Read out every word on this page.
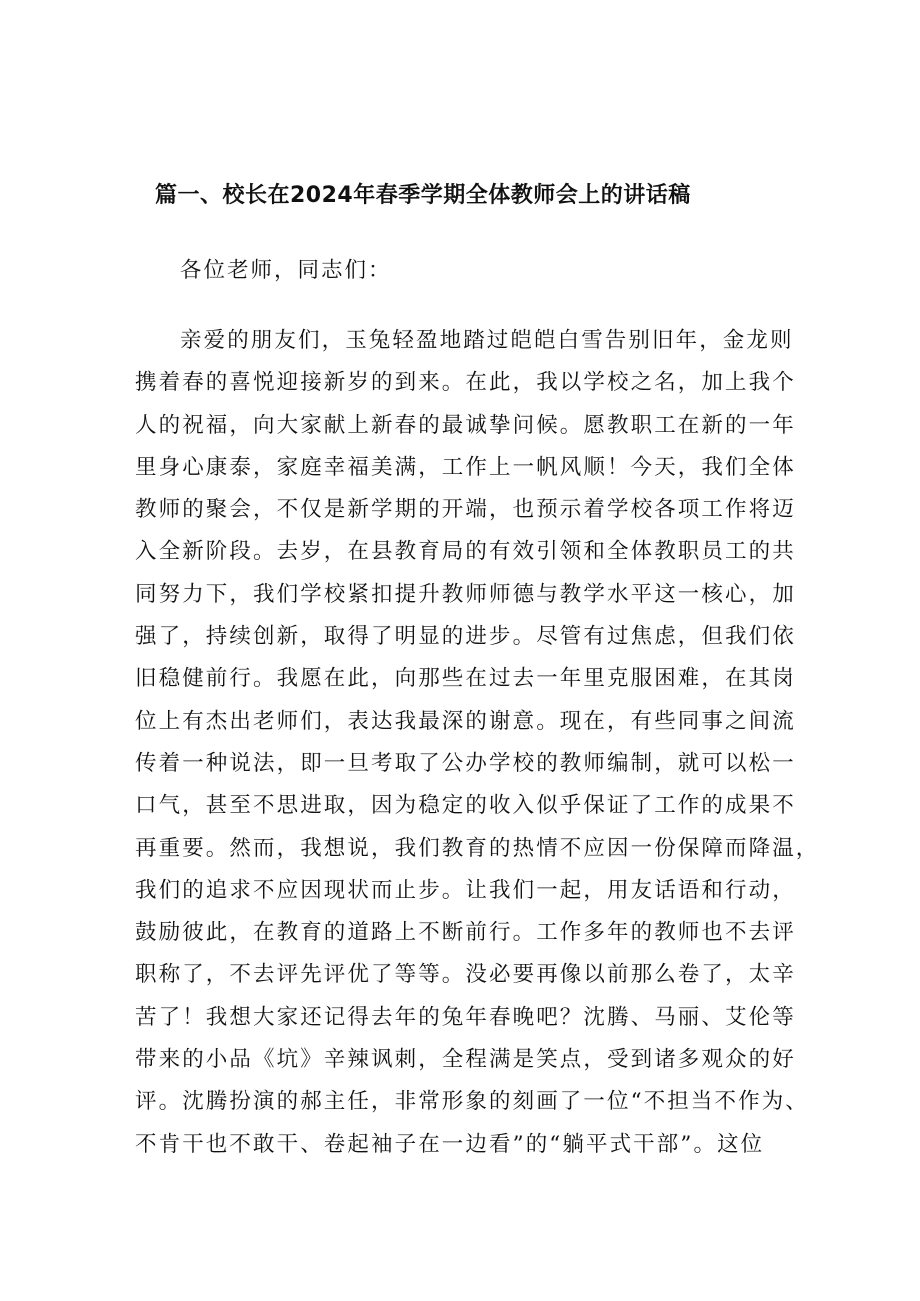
篇一、校长在2024年春季学期全体教师会上的讲话稿
各位老师，同志们：
亲爱的朋友们，玉兔轻盈地踏过皑皑白雪告别旧年，金龙则
携着春的喜悦迎接新岁的到来。在此，我以学校之名，加上我个
人的祝福，向大家献上新春的最诚挚问候。愿教职工在新的一年
里身心康泰，家庭幸福美满，工作上一帆风顺！今天，我们全体
教师的聚会，不仅是新学期的开端，也预示着学校各项工作将迈
入全新阶段。去岁，在县教育局的有效引领和全体教职员工的共
同努力下，我们学校紧扣提升教师师德与教学水平这一核心，加
强了，持续创新，取得了明显的进步。尽管有过焦虑，但我们依
旧稳健前行。我愿在此，向那些在过去一年里克服困难，在其岗
位上有杰出老师们，表达我最深的谢意。现在，有些同事之间流
传着一种说法，即一旦考取了公办学校的教师编制，就可以松一
口气，甚至不思进取，因为稳定的收入似乎保证了工作的成果不
再重要。然而，我想说，我们教育的热情不应因一份保障而降温，
我们的追求不应因现状而止步。让我们一起，用友话语和行动，
鼓励彼此，在教育的道路上不断前行。工作多年的教师也不去评
职称了，不去评先评优了等等。没必要再像以前那么卷了，太辛
苦了！我想大家还记得去年的兔年春晚吧？沈腾、马丽、艾伦等
带来的小品《坑》辛辣讽刺，全程满是笑点，受到诸多观众的好
评。沈腾扮演的郝主任，非常形象的刻画了一位“不担当不作为、
不肯干也不敢干、卷起袖子在一边看”的“躺平式干部”。这位
